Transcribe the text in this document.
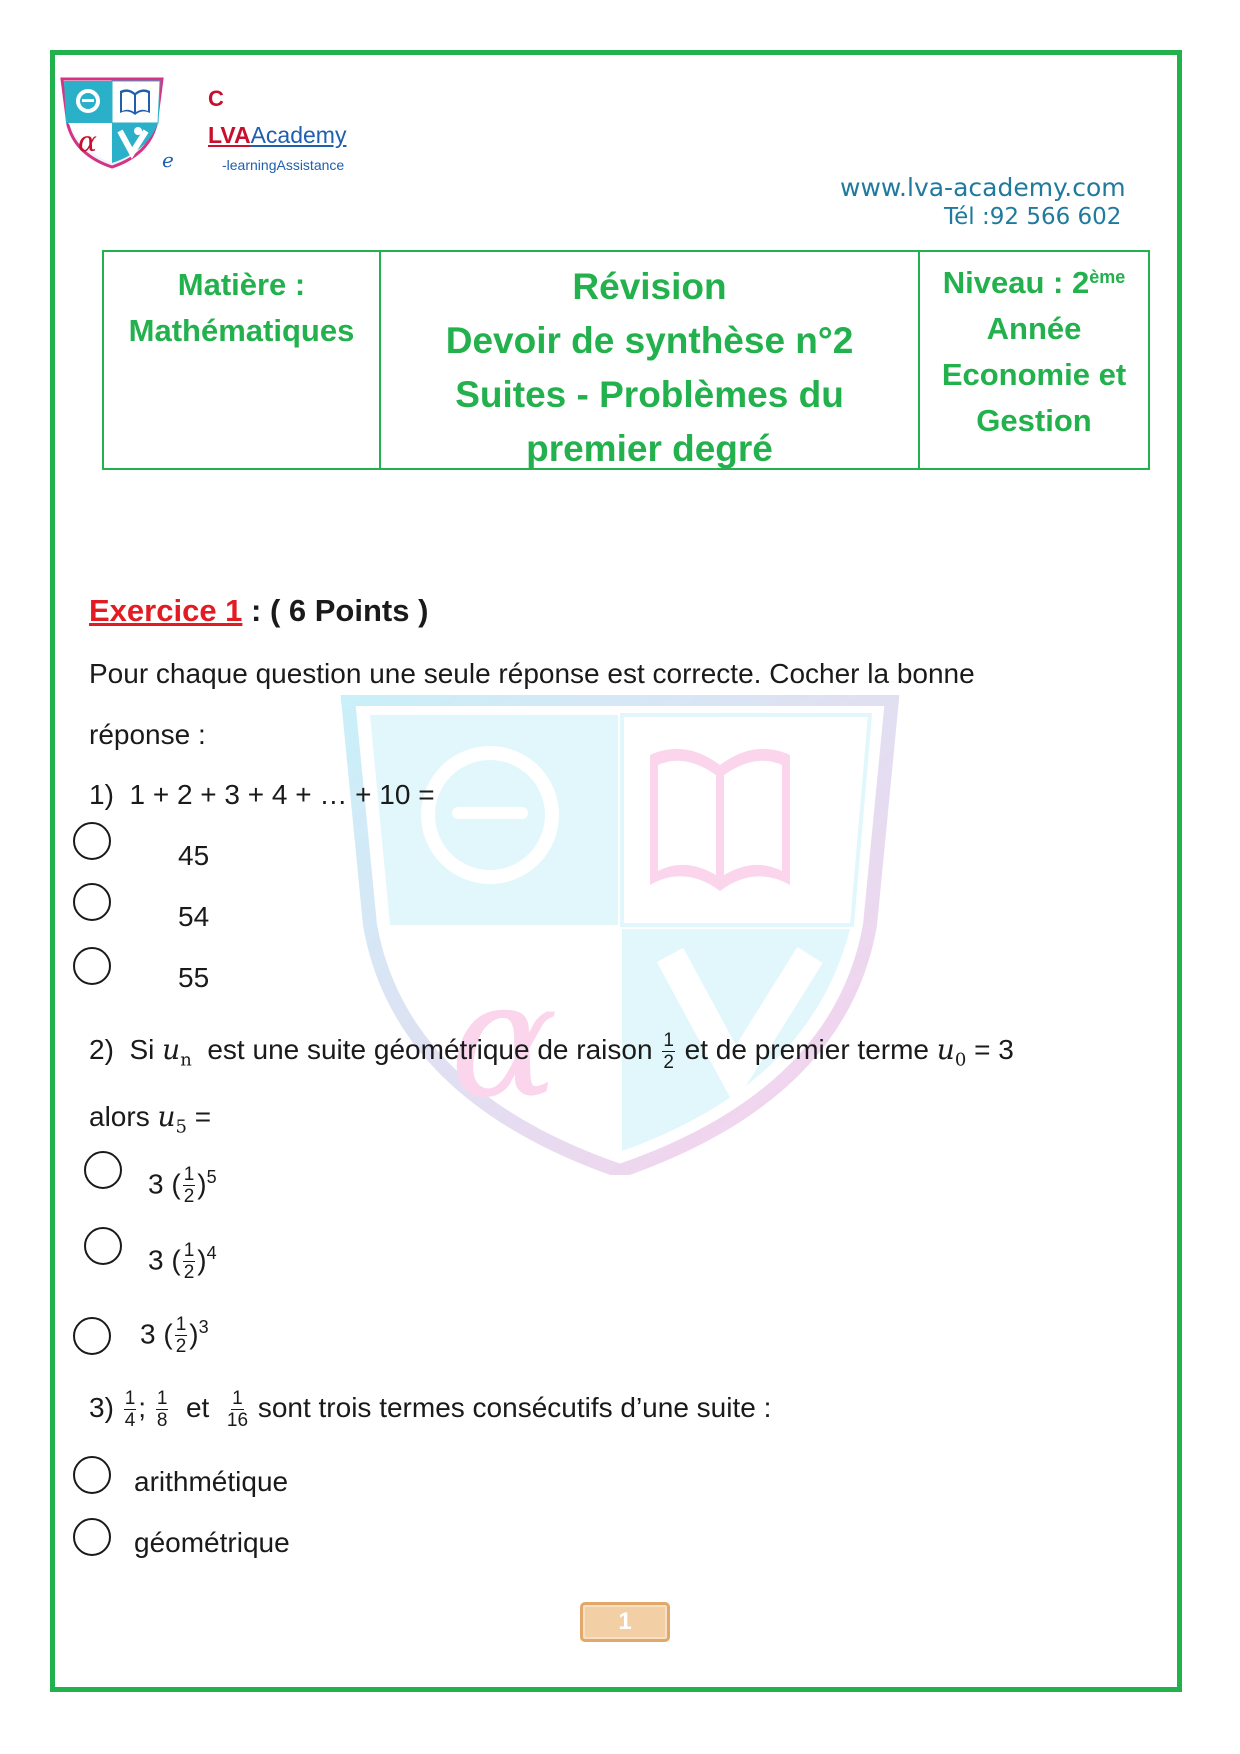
α
C
LVAAcademy
e	-learningAssistance
www.lva-academy.com
Tél :92 566 602
Matière :
Mathématiques
Révision
Devoir de synthèse n°2
Suites - Problèmes du
premier degré
Niveau : 2ème
Année
Economie et
Gestion
α
Exercice 1 : ( 6 Points )
Pour chaque question une seule réponse est correcte. Cocher la bonne
réponse :
1) 1 + 2 + 3 + 4 + … + 10 =
45
54
55
2) Si $u_n$ est une suite géométrique de raison $\frac{1}{2}$ et de premier terme $u_0 = 3$
alors $u_5$ =
3 ( $\frac{1}{2} )^5$
3 ( $\frac{1}{2} )^4$
3 ( $\frac{1}{2} )^3$
$3) \frac{1}{4}$ ; $\frac{1}{8}$ et $\frac{1}{16}$ sont trois termes consécutifs d’une suite :
arithmétique
géométrique
1
